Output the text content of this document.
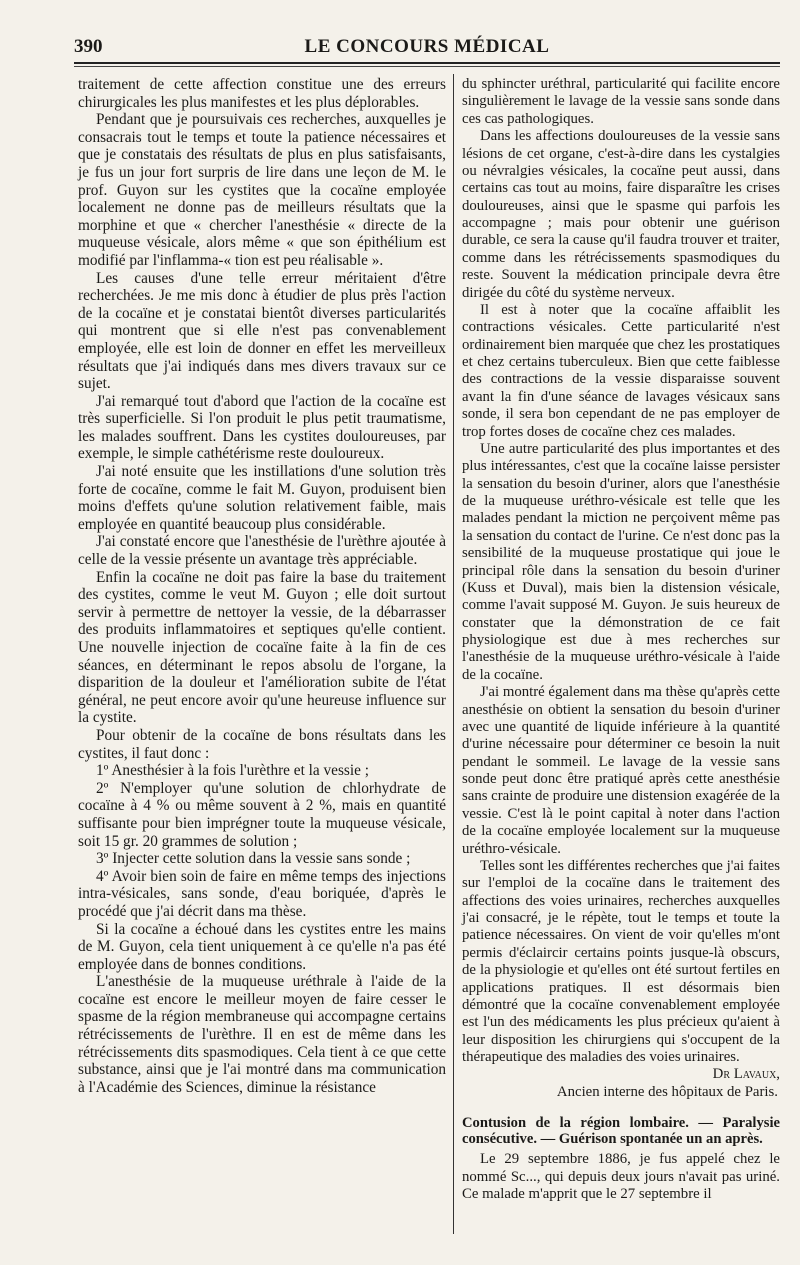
390	LE CONCOURS MÉDICAL

traitement de cette affection constitue une des erreurs chirurgicales les plus manifestes et les plus déplorables.

Pendant que je poursuivais ces recherches, auxquelles je consacrais tout le temps et toute la patience nécessaires et que je constatais des résultats de plus en plus satisfaisants, je fus un jour fort surpris de lire dans une leçon de M. le prof. Guyon sur les cystites que la cocaïne employée localement ne donne pas de meilleurs résultats que la morphine et que « chercher l'anesthésie « directe de la muqueuse vésicale, alors même « que son épithélium est modifié par l'inflamma-« tion est peu réalisable ».

Les causes d'une telle erreur méritaient d'être recherchées. Je me mis donc à étudier de plus près l'action de la cocaïne et je constatai bientôt diverses particularités qui montrent que si elle n'est pas convenablement employée, elle est loin de donner en effet les merveilleux résultats que j'ai indiqués dans mes divers travaux sur ce sujet.

J'ai remarqué tout d'abord que l'action de la cocaïne est très superficielle. Si l'on produit le plus petit traumatisme, les malades souffrent. Dans les cystites douloureuses, par exemple, le simple cathétérisme reste douloureux.

J'ai noté ensuite que les instillations d'une solution très forte de cocaïne, comme le fait M. Guyon, produisent bien moins d'effets qu'une solution relativement faible, mais employée en quantité beaucoup plus considérable.

J'ai constaté encore que l'anesthésie de l'urèthre ajoutée à celle de la vessie présente un avantage très appréciable.

Enfin la cocaïne ne doit pas faire la base du traitement des cystites, comme le veut M. Guyon ; elle doit surtout servir à permettre de nettoyer la vessie, de la débarrasser des produits inflammatoires et septiques qu'elle contient. Une nouvelle injection de cocaïne faite à la fin de ces séances, en déterminant le repos absolu de l'organe, la disparition de la douleur et l'amélioration subite de l'état général, ne peut encore avoir qu'une heureuse influence sur la cystite.

Pour obtenir de la cocaïne de bons résultats dans les cystites, il faut donc :

1º Anesthésier à la fois l'urèthre et la vessie ;

2º N'employer qu'une solution de chlorhydrate de cocaïne à 4 % ou même souvent à 2 %, mais en quantité suffisante pour bien imprégner toute la muqueuse vésicale, soit 15 gr. 20 grammes de solution ;

3º Injecter cette solution dans la vessie sans sonde ;

4º Avoir bien soin de faire en même temps des injections intra-vésicales, sans sonde, d'eau boriquée, d'après le procédé que j'ai décrit dans ma thèse.

Si la cocaïne a échoué dans les cystites entre les mains de M. Guyon, cela tient uniquement à ce qu'elle n'a pas été employée dans de bonnes conditions.

L'anesthésie de la muqueuse uréthrale à l'aide de la cocaïne est encore le meilleur moyen de faire cesser le spasme de la région membraneuse qui accompagne certains rétrécissements de l'urèthre. Il en est de même dans les rétrécissements dits spasmodiques. Cela tient à ce que cette substance, ainsi que je l'ai montré dans ma communication à l'Académie des Sciences, diminue la résistance

du sphincter uréthral, particularité qui facilite encore singulièrement le lavage de la vessie sans sonde dans ces cas pathologiques.

Dans les affections douloureuses de la vessie sans lésions de cet organe, c'est-à-dire dans les cystalgies ou névralgies vésicales, la cocaïne peut aussi, dans certains cas tout au moins, faire disparaître les crises douloureuses, ainsi que le spasme qui parfois les accompagne ; mais pour obtenir une guérison durable, ce sera la cause qu'il faudra trouver et traiter, comme dans les rétrécissements spasmodiques du reste. Souvent la médication principale devra être dirigée du côté du système nerveux.

Il est à noter que la cocaïne affaiblit les contractions vésicales. Cette particularité n'est ordinairement bien marquée que chez les prostatiques et chez certains tuberculeux. Bien que cette faiblesse des contractions de la vessie disparaisse souvent avant la fin d'une séance de lavages vésicaux sans sonde, il sera bon cependant de ne pas employer de trop fortes doses de cocaïne chez ces malades.

Une autre particularité des plus importantes et des plus intéressantes, c'est que la cocaïne laisse persister la sensation du besoin d'uriner, alors que l'anesthésie de la muqueuse uréthro-vésicale est telle que les malades pendant la miction ne perçoivent même pas la sensation du contact de l'urine. Ce n'est donc pas la sensibilité de la muqueuse prostatique qui joue le principal rôle dans la sensation du besoin d'uriner (Kuss et Duval), mais bien la distension vésicale, comme l'avait supposé M. Guyon. Je suis heureux de constater que la démonstration de ce fait physiologique est due à mes recherches sur l'anesthésie de la muqueuse uréthro-vésicale à l'aide de la cocaïne.

J'ai montré également dans ma thèse qu'après cette anesthésie on obtient la sensation du besoin d'uriner avec une quantité de liquide inférieure à la quantité d'urine nécessaire pour déterminer ce besoin la nuit pendant le sommeil. Le lavage de la vessie sans sonde peut donc être pratiqué après cette anesthésie sans crainte de produire une distension exagérée de la vessie. C'est là le point capital à noter dans l'action de la cocaïne employée localement sur la muqueuse uréthro-vésicale.

Telles sont les différentes recherches que j'ai faites sur l'emploi de la cocaïne dans le traitement des affections des voies urinaires, recherches auxquelles j'ai consacré, je le répète, tout le temps et toute la patience nécessaires. On vient de voir qu'elles m'ont permis d'éclaircir certains points jusque-là obscurs, de la physiologie et qu'elles ont été surtout fertiles en applications pratiques. Il est désormais bien démontré que la cocaïne convenablement employée est l'un des médicaments les plus précieux qu'aient à leur disposition les chirurgiens qui s'occupent de la thérapeutique des maladies des voies urinaires.

Dr Lavaux,

Ancien interne des hôpitaux de Paris.

Contusion de la région lombaire. — Paralysie consécutive. — Guérison spontanée un an après.

Le 29 septembre 1886, je fus appelé chez le nommé Sc..., qui depuis deux jours n'avait pas uriné. Ce malade m'apprit que le 27 septembre il
